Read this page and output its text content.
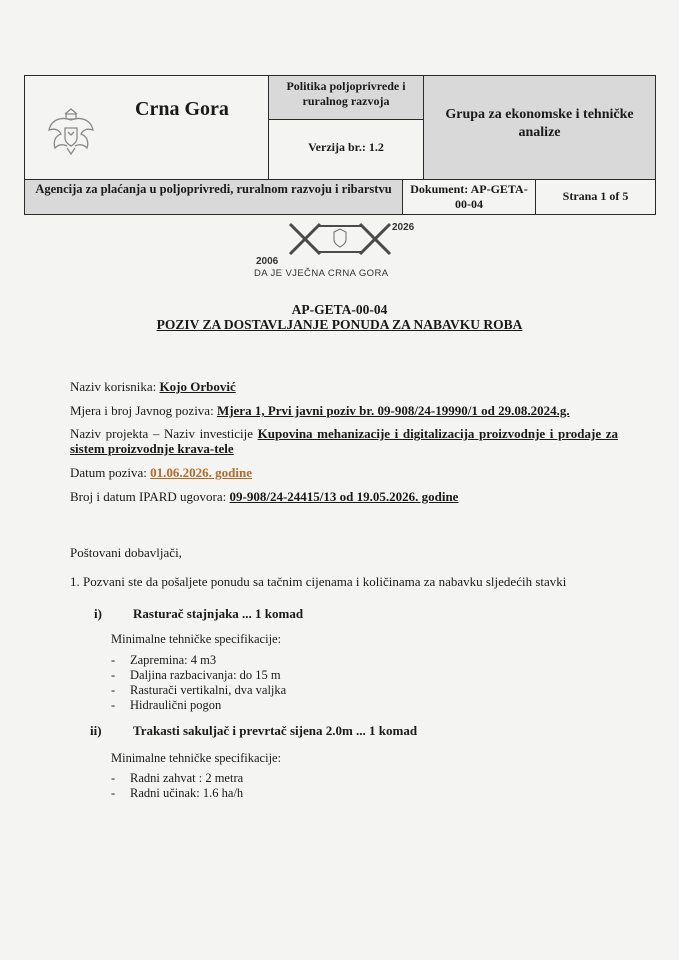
Crna Gora
Politika poljoprivrede i ruralnog razvoja
Verzija br.: 1.2
Grupa za ekonomske i tehničke analize
Agencija za plaćanja u poljoprivredi, ruralnom razvoju i ribarstvu	Dokument: AP-GETA-00-04
Strana 1 of 5
2006
2026
DA JE VJEČNA CRNA GORA
AP-GETA-00-04
POZIV ZA DOSTAVLJANJE PONUDA ZA NABAVKU ROBA
Naziv korisnika: Kojo Orbović
Mjera i broj Javnog poziva: Mjera 1, Prvi javni poziv br. 09-908/24-19990/1 od 29.08.2024.g.
Naziv projekta – Naziv investicije Kupovina mehanizacije i digitalizacija proizvodnje i prodaje za sistem proizvodnje krava-tele
Datum poziva: 01.06.2026. godine
Broj i datum IPARD ugovora: 09-908/24-24415/13 od 19.05.2026. godine
Poštovani dobavljači,
1. Pozvani ste da pošaljete ponudu sa tačnim cijenama i količinama za nabavku sljedećih stavki
i) Rasturač stajnjaka ... 1 komad
Minimalne tehničke specifikacije:
- Zapremina: 4 m3
- Daljina razbacivanja: do 15 m
- Rasturači vertikalni, dva valjka
- Hidraulični pogon
ii) Trakasti sakuljač i prevrtač sijena 2.0m ... 1 komad
Minimalne tehničke specifikacije:
- Radni zahvat : 2 metra
- Radni učinak: 1.6 ha/h
